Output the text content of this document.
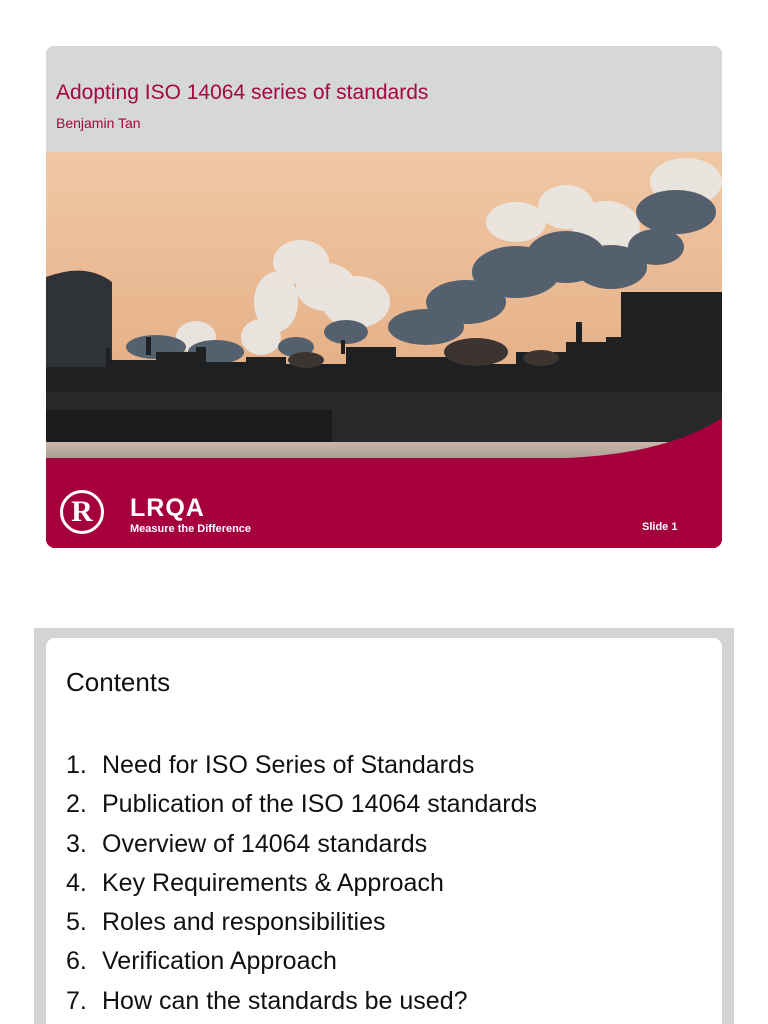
Adopting ISO 14064 series of standards
Benjamin Tan
R	LRQA
Measure the Difference	Slide 1
Contents
1. Need for ISO Series of Standards
2. Publication of the ISO 14064 standards
3. Overview of 14064 standards
4. Key Requirements & Approach
5. Roles and responsibilities
6. Verification Approach
7. How can the standards be used?
